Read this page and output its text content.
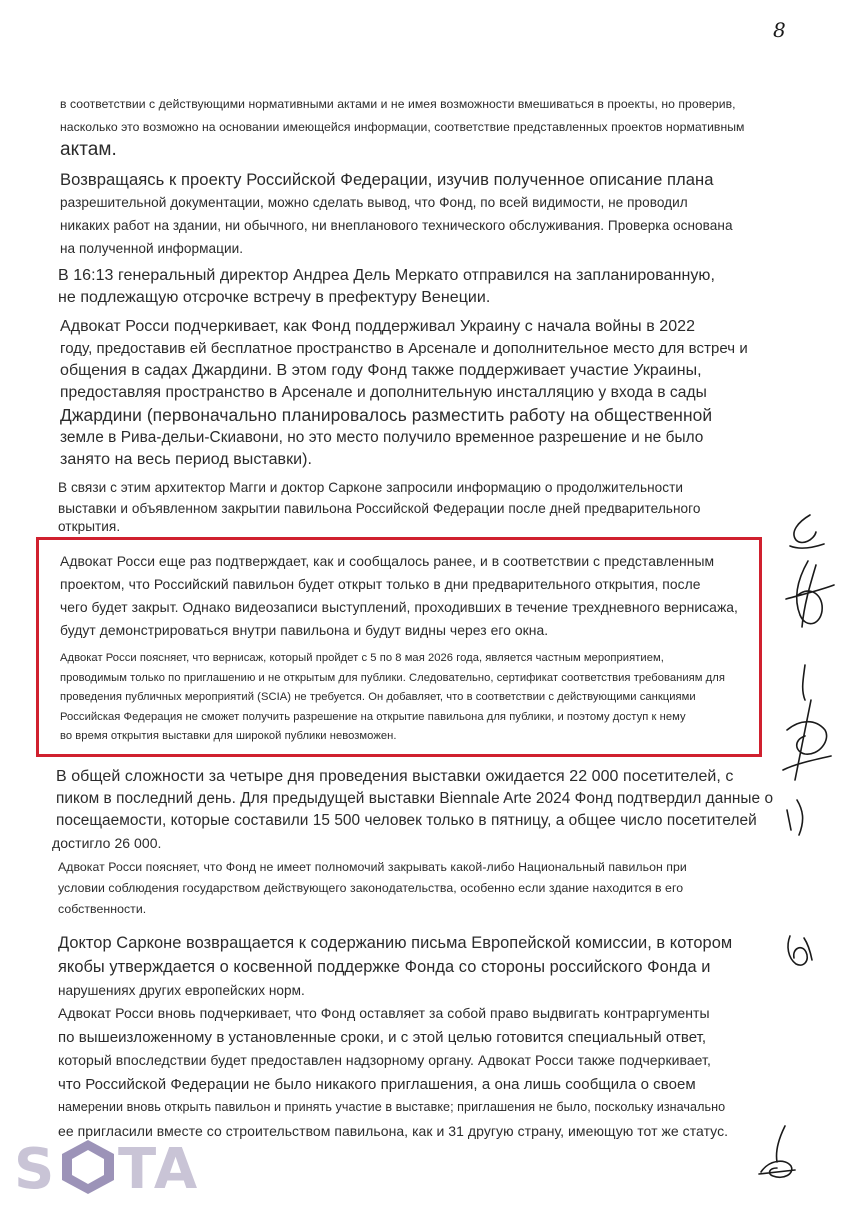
8
в соответствии с действующими нормативными актами и не имея возможности вмешиваться в проекты, но проверив,
насколько это возможно на основании имеющейся информации, соответствие представленных проектов нормативным
актам.
Возвращаясь к проекту Российской Федерации, изучив полученное описание плана
разрешительной документации, можно сделать вывод, что Фонд, по всей видимости, не проводил
никаких работ на здании, ни обычного, ни внепланового технического обслуживания. Проверка основана
на полученной информации.
В 16:13 генеральный директор Андреа Дель Меркато отправился на запланированную,
не подлежащую отсрочке встречу в префектуру Венеции.
Адвокат Росси подчеркивает, как Фонд поддерживал Украину с начала войны в 2022
году, предоставив ей бесплатное пространство в Арсенале и дополнительное место для встреч и
общения в садах Джардини. В этом году Фонд также поддерживает участие Украины,
предоставляя пространство в Арсенале и дополнительную инсталляцию у входа в сады
Джардини (первоначально планировалось разместить работу на общественной
земле в Рива-дельи-Скиавони, но это место получило временное разрешение и не было
занято на весь период выставки).
В связи с этим архитектор Магги и доктор Сарконе запросили информацию о продолжительности
выставки и объявленном закрытии павильона Российской Федерации после дней предварительного
открытия.
Адвокат Росси еще раз подтверждает, как и сообщалось ранее, и в соответствии с представленным
проектом, что Российский павильон будет открыт только в дни предварительного открытия, после
чего будет закрыт. Однако видеозаписи выступлений, проходивших в течение трехдневного вернисажа,
будут демонстрироваться внутри павильона и будут видны через его окна.
Адвокат Росси поясняет, что вернисаж, который пройдет с 5 по 8 мая 2026 года, является частным мероприятием,
проводимым только по приглашению и не открытым для публики. Следовательно, сертификат соответствия требованиям для
проведения публичных мероприятий (SCIA) не требуется. Он добавляет, что в соответствии с действующими санкциями
Российская Федерация не сможет получить разрешение на открытие павильона для публики, и поэтому доступ к нему
во время открытия выставки для широкой публики невозможен.
В общей сложности за четыре дня проведения выставки ожидается 22 000 посетителей, с
пиком в последний день. Для предыдущей выставки Biennale Arte 2024 Фонд подтвердил данные о
посещаемости, которые составили 15 500 человек только в пятницу, а общее число посетителей
достигло 26 000.
Адвокат Росси поясняет, что Фонд не имеет полномочий закрывать какой-либо Национальный павильон при
условии соблюдения государством действующего законодательства, особенно если здание находится в его
собственности.
Доктор Сарконе возвращается к содержанию письма Европейской комиссии, в котором
якобы утверждается о косвенной поддержке Фонда со стороны российского Фонда и
нарушениях других европейских норм.
Адвокат Росси вновь подчеркивает, что Фонд оставляет за собой право выдвигать контраргументы
по вышеизложенному в установленные сроки, и с этой целью готовится специальный ответ,
который впоследствии будет предоставлен надзорному органу. Адвокат Росси также подчеркивает,
что Российской Федерации не было никакого приглашения, а она лишь сообщила о своем
намерении вновь открыть павильон и принять участие в выставке; приглашения не было, поскольку изначально
ее пригласили вместе со строительством павильона, как и 31 другую страну, имеющую тот же статус.
S TA
